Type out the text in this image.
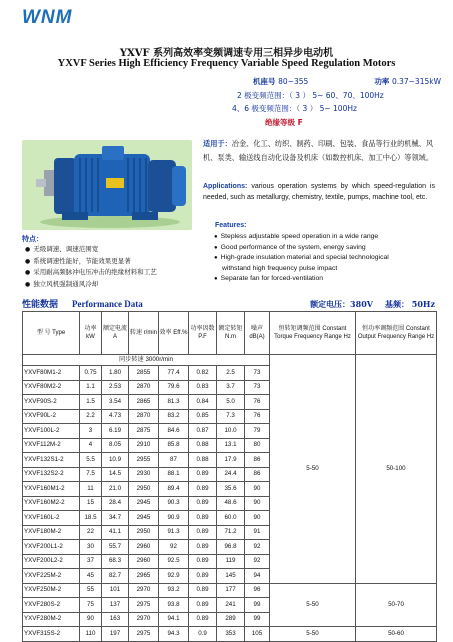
WNM
YXVF 系列高效率变频调速专用三相异步电动机
YXVF Series High Efficiency Frequency Variable Speed Regulation Motors
机座号 80~355	功率 0.37~315kW
2 极变频范围：（ 3 ） 5~ 60、70、100Hz
4、6 极变频范围：（ 3 ） 5~ 100Hz
绝缘等级 F
适用于：冶金、化工、纺织、制药、印刷、包装、食品等行业的机械、风机、泵类、输送线自动化设备及机床（如数控机床、加工中心）等领域。
Applications: various operation systems by which speed-regulation is needed, such as metallurgy, chemistry, textile, pumps, machine tool, etc.
特点：
Features:
● 无级调速、调速范围宽
● 系统调速性能好，节能效果更显著
● 采用耐高频脉冲电压冲击的绝缘材料和工艺
● 独立风机强制通风冷却
● Stepless adjustable speed operation in a wide range
● Good performance of the system, energy saving
● High-grade insulation material and special technological
withstand high frequency pulse impact
● Separate fan for forced-ventilation
性能数据 Performance Data	额定电压：380V 基频： 50Hz
型 号 Type	功率 kW	额定电流 A	转速 r/min	效率 Eff.%	功率因数 P.F	额定转矩 N.m	噪声 dB(A)	恒转矩调频范围 Constant Torque Frequency Range Hz	恒功率调频范围 Constant Output Frequency Range Hz
同步转速 3000r/min								5-50	50-100
YXVF80M1-2	0.75	1.80	2855	77.4	0.82	2.5	73		
YXVF80M2-2	1.1	2.53	2870	79.6	0.83	3.7	73		
YXVF90S-2	1.5	3.54	2865	81.3	0.84	5.0	76		
YXVF90L-2	2.2	4.73	2870	83.2	0.85	7.3	76		
YXVF100L-2	3	6.19	2875	84.6	0.87	10.0	79		
YXVF112M-2	4	8.05	2910	85.8	0.88	13.1	80		
YXVF132S1-2	5.5	10.9	2955	87	0.88	17.9	86		
YXVF132S2-2	7.5	14.5	2930	88.1	0.89	24.4	86		
YXVF160M1-2	11	21.0	2950	89.4	0.89	35.6	90		
YXVF160M2-2	15	28.4	2945	90.3	0.89	48.6	90		
YXVF160L-2	18.5	34.7	2945	90.9	0.89	60.0	90		
YXVF180M-2	22	41.1	2950	91.3	0.89	71.2	91		
YXVF200L1-2	30	55.7	2960	92	0.89	96.8	92		
YXVF200L2-2	37	68.3	2960	92.5	0.89	119	92		
YXVF225M-2	45	82.7	2965	92.9	0.89	145	94		
YXVF250M-2	55	101	2970	93.2	0.89	177	96	5-50	50-70
YXVF280S-2	75	137	2975	93.8	0.89	241	99		
YXVF280M-2	90	163	2970	94.1	0.89	289	99		
YXVF315S-2	110	197	2975	94.3	0.9	353	105	5-50	50-60
